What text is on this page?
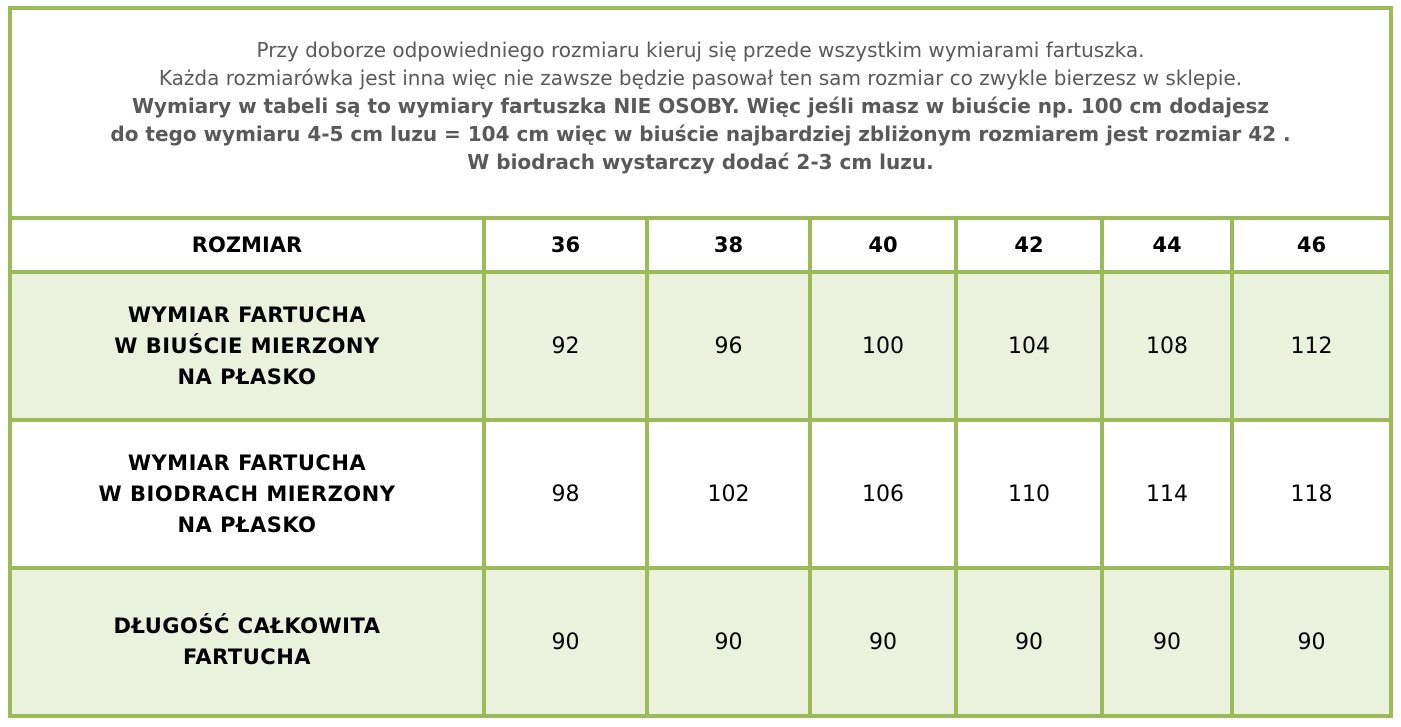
Przy doborze odpowiedniego rozmiaru kieruj się przede wszystkim wymiarami fartuszka.
Każda rozmiarówka jest inna więc nie zawsze będzie pasował ten sam rozmiar co zwykle bierzesz w sklepie.
Wymiary w tabeli są to wymiary fartuszka NIE OSOBY. Więc jeśli masz w biuście np. 100 cm dodajesz
do tego wymiaru 4-5 cm luzu = 104 cm więc w biuście najbardziej zbliżonym rozmiarem jest rozmiar 42 .
W biodrach wystarczy dodać 2-3 cm luzu.
ROZMIAR	36	38	40	42	44	46

WYMIAR FARTUCHA
W BIUŚCIE MIERZONY
NA PŁASKO	92	96	100	104	108	112

WYMIAR FARTUCHA
W BIODRACH MIERZONY
NA PŁASKO	98	102	106	110	114	118

DŁUGOŚĆ CAŁKOWITA
FARTUCHA	90	90	90	90	90	90
